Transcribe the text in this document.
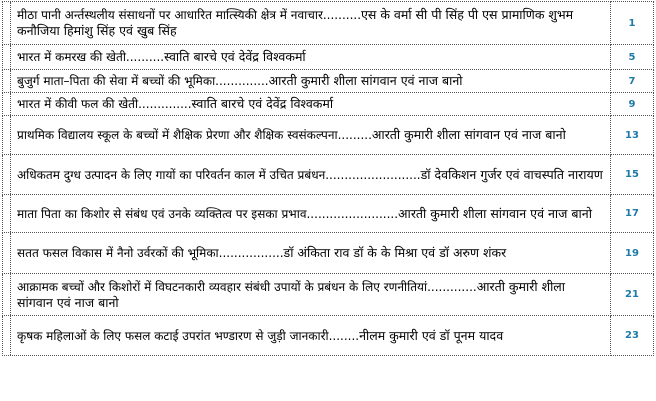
मीठा पानी अर्न्तस्थलीय संसाधनों पर आधारित मात्स्यिकी क्षेत्र में नवाचार..........एस के वर्मा सी पी सिंह पी एस प्रामाणिक शुभम कनौजिया हिमांशु सिंह एवं खुब सिंह	1
भारत में कमरख की खेती..........स्वाति बारचे एवं देवेंद्र विश्वकर्मा	5
बुजुर्ग माता–पिता की सेवा में बच्चों की भूमिका..............आरती कुमारी शीला सांगवान एवं नाज बानो	7
भारत में कीवी फल की खेती..............स्वाति बारचे एवं देवेंद्र विश्वकर्मा	9
प्राथमिक विद्यालय स्कूल के बच्चों में शैक्षिक प्रेरणा और शैक्षिक स्वसंकल्पना.........आरती कुमारी शीला सांगवान एवं नाज बानो	13
अधिकतम दुग्ध उत्पादन के लिए गायों का परिवर्तन काल में उचित प्रबंधन.........................डॉ देवकिशन गुर्जर एवं वाचस्पति नारायण	15
माता पिता का किशोर से संबंध एवं उनके व्यक्तित्व पर इसका प्रभाव........................आरती कुमारी शीला सांगवान एवं नाज बानो	17
सतत फसल विकास में नैनो उर्वरकों की भूमिका.................डॉ अंकिता राव डॉ के के मिश्रा एवं डॉ अरुण शंकर	19
आक्रामक बच्चों और किशोरों में विघटनकारी व्यवहार संबंधी उपायों के प्रबंधन के लिए रणनीतियां.............आरती कुमारी शीला सांगवान एवं नाज बानो	21
कृषक महिलाओं के लिए फसल कटाई उपरांत भण्डारण से जुड़ी जानकारी........नीलम कुमारी एवं डॉ पूनम यादव	23
